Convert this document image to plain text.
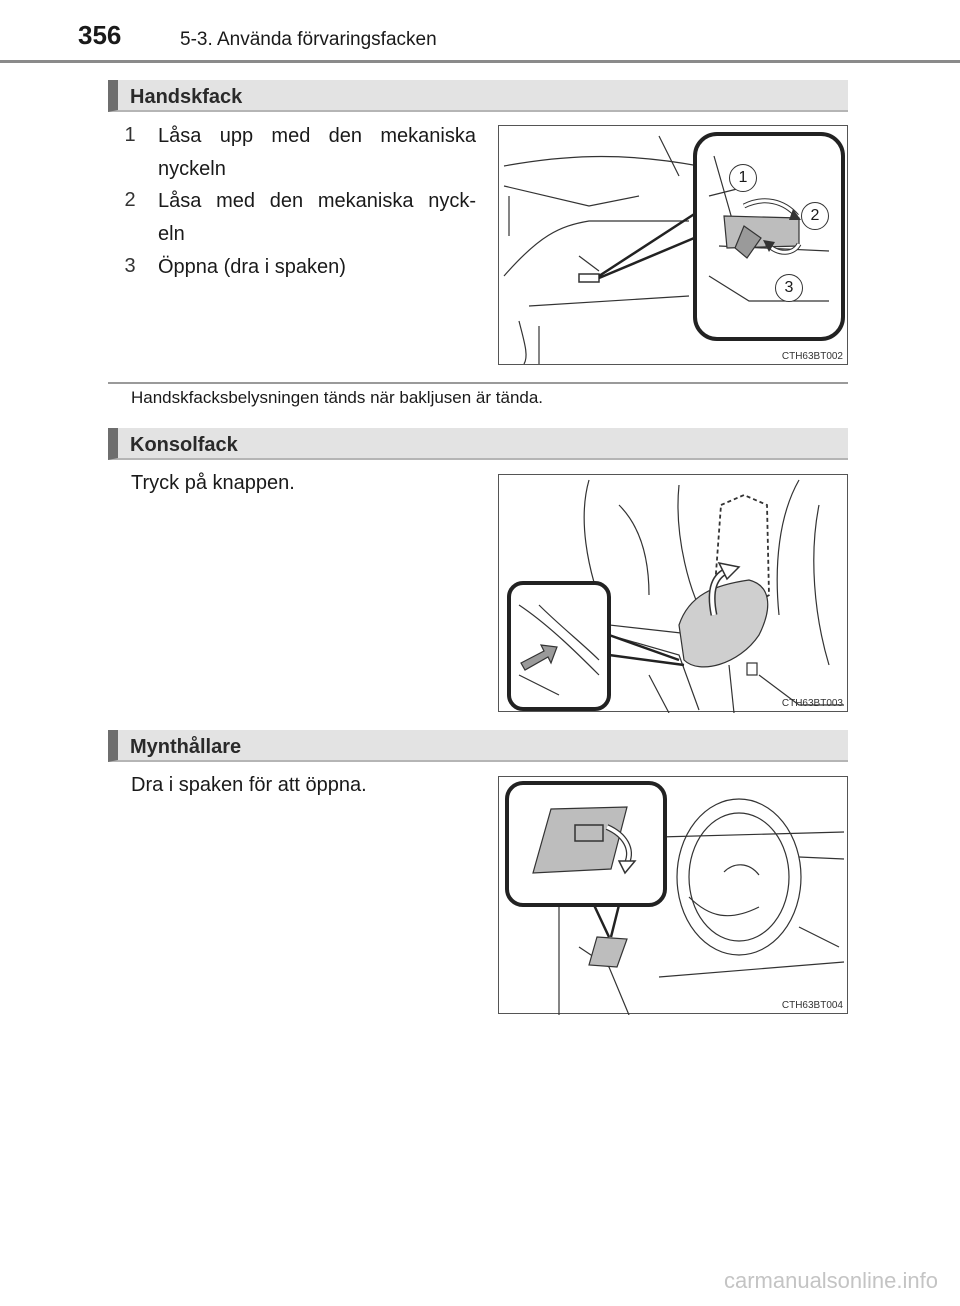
356	5-3. Använda förvaringsfacken
Handskfack
1	Låsa upp med den mekaniska
nyckeln
2	Låsa med den mekaniska nyck-
eln
3	Öppna (dra i spaken)
1
2
3
CTH63BT002
Handskfacksbelysningen tänds när bakljusen är tända.
Konsolfack
Tryck på knappen.
CTH63BT003
Mynthållare
Dra i spaken för att öppna.
CTH63BT004
carmanualsonline.info
